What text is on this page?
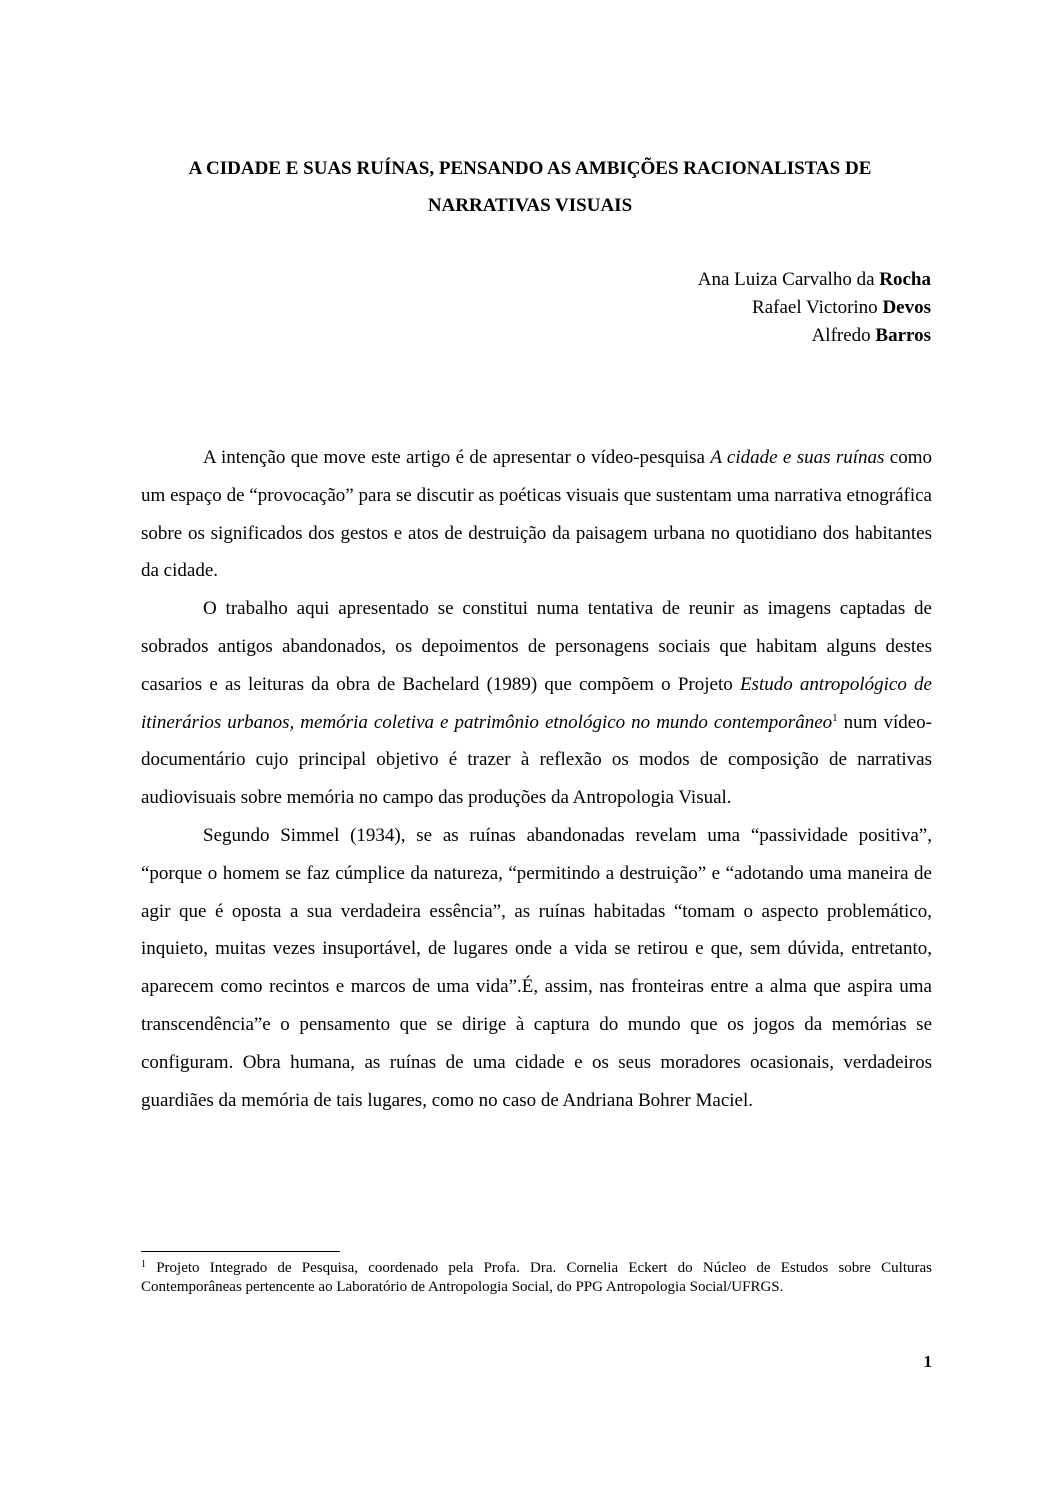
A CIDADE E SUAS RUÍNAS, PENSANDO AS AMBIÇÕES RACIONALISTAS DE NARRATIVAS VISUAIS
Ana Luiza Carvalho da Rocha
Rafael Victorino Devos
Alfredo Barros

A intenção que move este artigo é de apresentar o vídeo-pesquisa A cidade e suas ruínas como um espaço de “provocação” para se discutir as poéticas visuais que sustentam uma narrativa etnográfica sobre os significados dos gestos e atos de destruição da paisagem urbana no quotidiano dos habitantes da cidade.

O trabalho aqui apresentado se constitui numa tentativa de reunir as imagens captadas de sobrados antigos abandonados, os depoimentos de personagens sociais que habitam alguns destes casarios e as leituras da obra de Bachelard (1989) que compõem o Projeto Estudo antropológico de itinerários urbanos, memória coletiva e patrimônio etnológico no mundo contemporâneo$^1$ num vídeo-documentário cujo principal objetivo é trazer à reflexão os modos de composição de narrativas audiovisuais sobre memória no campo das produções da Antropologia Visual.

Segundo Simmel (1934), se as ruínas abandonadas revelam uma “passividade positiva”, “porque o homem se faz cúmplice da natureza, “permitindo a destruição” e “adotando uma maneira de agir que é oposta a sua verdadeira essência”, as ruínas habitadas “tomam o aspecto problemático, inquieto, muitas vezes insuportável, de lugares onde a vida se retirou e que, sem dúvida, entretanto, aparecem como recintos e marcos de uma vida”.É, assim, nas fronteiras entre a alma que aspira uma transcendência”e o pensamento que se dirige à captura do mundo que os jogos da memórias se configuram. Obra humana, as ruínas de uma cidade e os seus moradores ocasionais, verdadeiros guardiães da memória de tais lugares, como no caso de Andriana Bohrer Maciel.

$^1$ Projeto Integrado de Pesquisa, coordenado pela Profa. Dra. Cornelia Eckert do Núcleo de Estudos sobre Culturas Contemporâneas pertencente ao Laboratório de Antropologia Social, do PPG Antropologia Social/UFRGS.
1
